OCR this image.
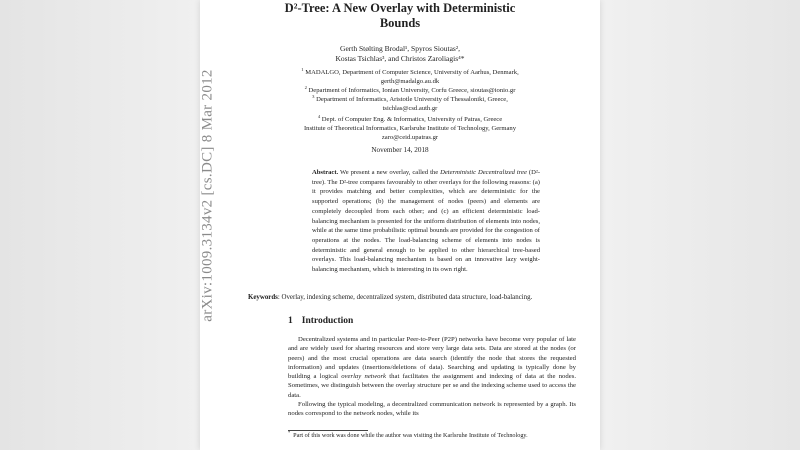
D²-Tree: A New Overlay with Deterministic
Bounds
Gerth Stølting Brodal¹, Spyros Sioutas²,
Kostas Tsichlas³, and Christos Zaroliagis⁴*

$^1$ MADALGO, Department of Computer Science, University of Aarhus, Denmark,
gerth@madalgo.au.dk

$^2$ Department of Informatics, Ionian University, Corfu Greece, sioutas@ionio.gr

$^3$ Department of Informatics, Aristotle University of Thessaloniki, Greece,
tsichlas@csd.auth.gr

$^4$ Dept. of Computer Eng. & Informatics, University of Patras, Greece
Institute of Theoretical Informatics, Karlsruhe Institute of Technology, Germany
zaro@ceid.upatras.gr

November 14, 2018
Abstract. We present a new overlay, called the Deterministic Decentralized tree (D²-tree). The D²-tree compares favourably to other overlays for the following reasons: (a) it provides matching and better complexities, which are deterministic for the supported operations; (b) the management of nodes (peers) and elements are completely decoupled from each other; and (c) an efficient deterministic load-balancing mechanism is presented for the uniform distribution of elements into nodes, while at the same time probabilistic optimal bounds are provided for the congestion of operations at the nodes. The load-balancing scheme of elements into nodes is deterministic and general enough to be applied to other hierarchical tree-based overlays. This load-balancing mechanism is based on an innovative lazy weight-balancing mechanism, which is interesting in its own right.
Keywords: Overlay, indexing scheme, decentralized system, distributed data structure, load-balancing.
1 Introduction

Decentralized systems and in particular Peer-to-Peer (P2P) networks have become very popular of late and are widely used for sharing resources and store very large data sets. Data are stored at the nodes (or peers) and the most crucial operations are data search (identify the node that stores the requested information) and updates (insertions/deletions of data). Searching and updating is typically done by building a logical overlay network that facilitates the assignment and indexing of data at the nodes. Sometimes, we distinguish between the overlay structure per se and the indexing scheme used to access the data.

Following the typical modeling, a decentralized communication network is represented by a graph. Its nodes correspond to the network nodes, while its

* Part of this work was done while the author was visiting the Karlsruhe Institute of Technology.
arXiv:1009.3134v2 [cs.DC] 8 Mar 2012
